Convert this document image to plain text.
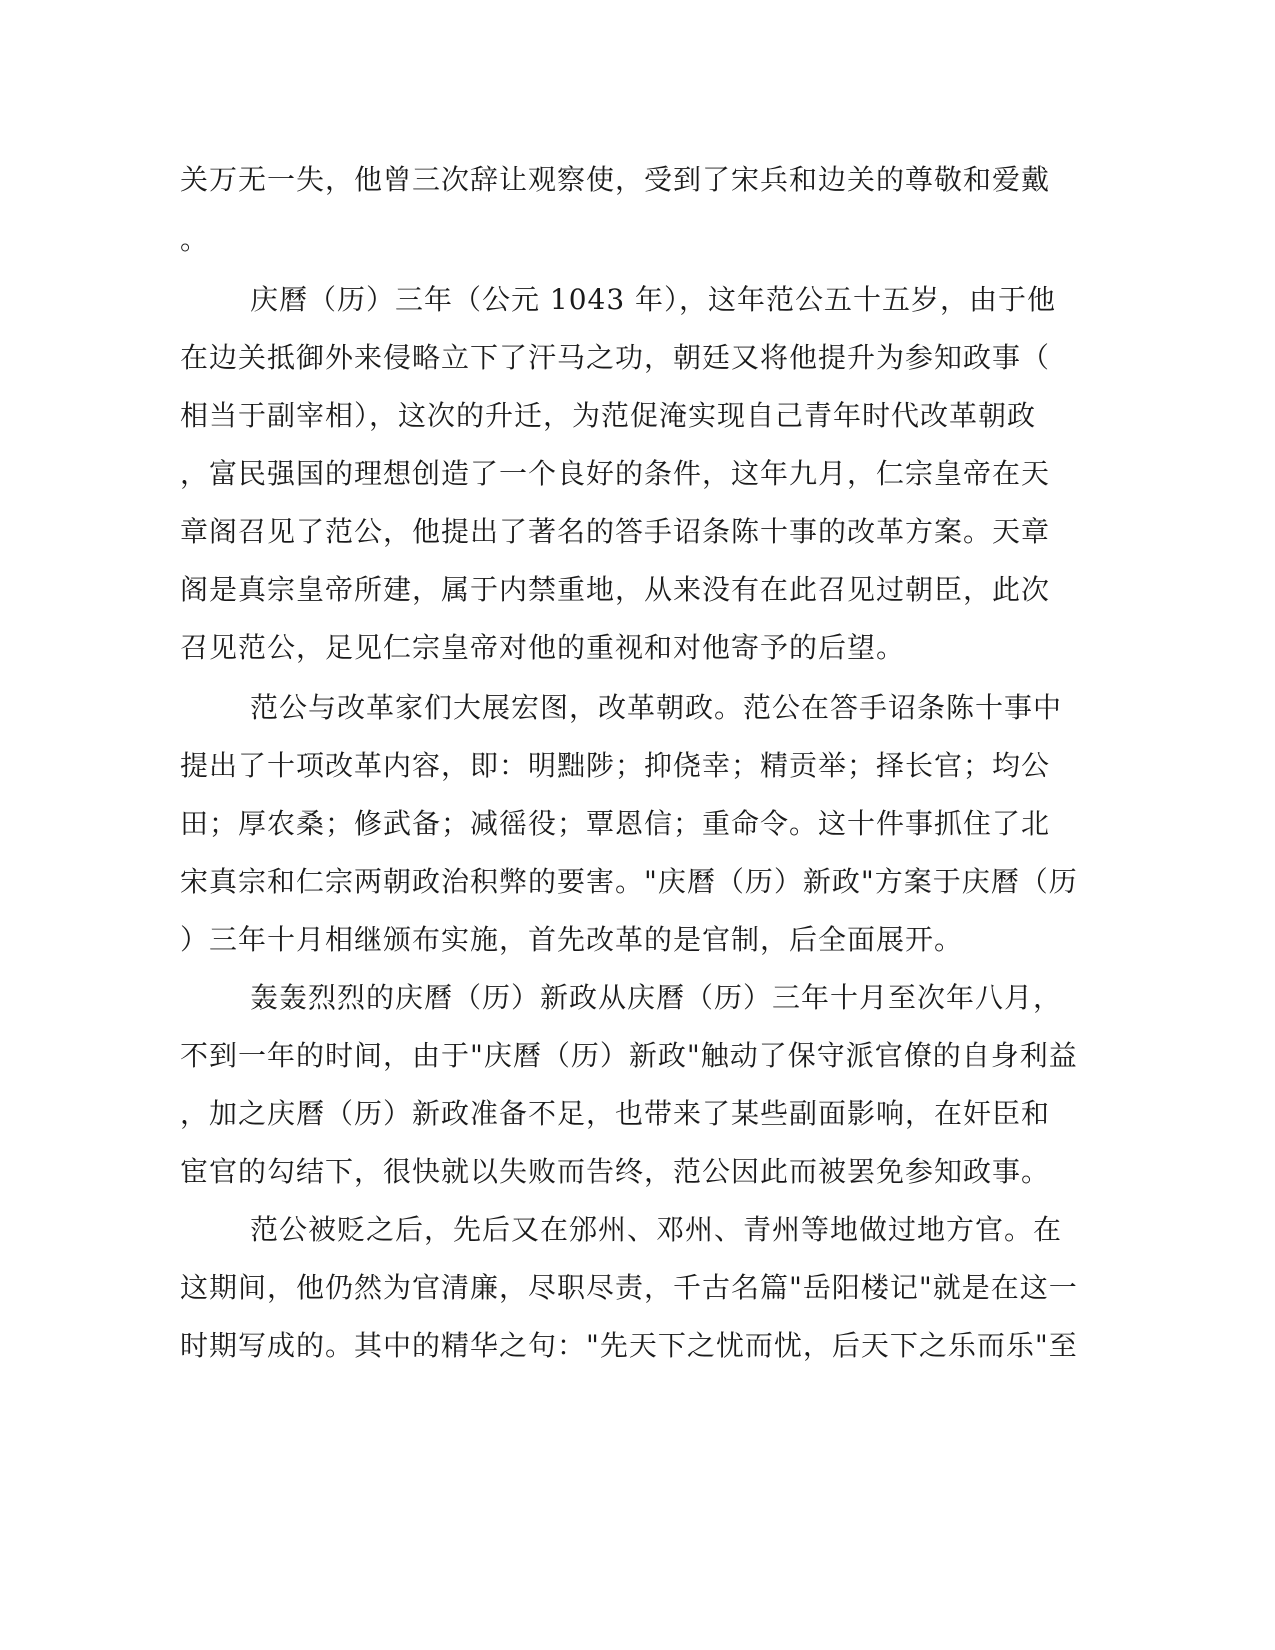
关万无一失，他曾三次辞让观察使，受到了宋兵和边关的尊敬和爱戴
。
庆曆（历）三年（公元 1043 年），这年范公五十五岁，由于他
在边关抵御外来侵略立下了汗马之功，朝廷又将他提升为参知政事（
相当于副宰相），这次的升迁，为范促淹实现自己青年时代改革朝政
，富民强国的理想创造了一个良好的条件，这年九月，仁宗皇帝在天
章阁召见了范公，他提出了著名的答手诏条陈十事的改革方案。天章
阁是真宗皇帝所建，属于内禁重地，从来没有在此召见过朝臣，此次
召见范公，足见仁宗皇帝对他的重视和对他寄予的后望。
范公与改革家们大展宏图，改革朝政。范公在答手诏条陈十事中
提出了十项改革内容，即：明黜陟；抑侥幸；精贡举；择长官；均公
田；厚农桑；修武备；减徭役；覃恩信；重命令。这十件事抓住了北
宋真宗和仁宗两朝政治积弊的要害。"庆曆（历）新政"方案于庆曆（历
）三年十月相继颁布实施，首先改革的是官制，后全面展开。
轰轰烈烈的庆曆（历）新政从庆曆（历）三年十月至次年八月，
不到一年的时间，由于"庆曆（历）新政"触动了保守派官僚的自身利益
，加之庆曆（历）新政准备不足，也带来了某些副面影响，在奸臣和
宦官的勾结下，很快就以失败而告终，范公因此而被罢免参知政事。
范公被贬之后，先后又在邠州、邓州、青州等地做过地方官。在
这期间，他仍然为官清廉，尽职尽责，千古名篇"岳阳楼记"就是在这一
时期写成的。其中的精华之句："先天下之忧而忧，后天下之乐而乐"至
